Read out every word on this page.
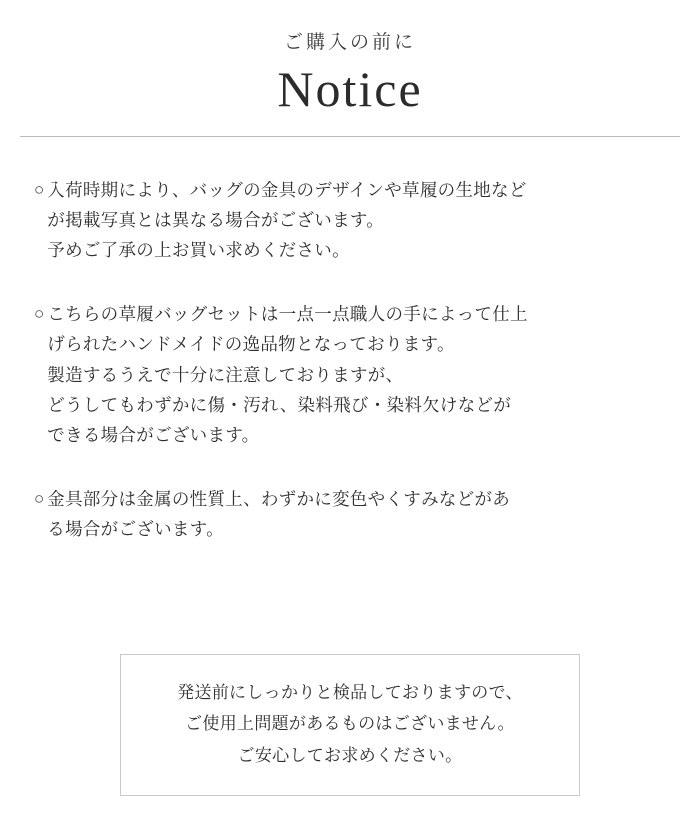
ご購入の前に
Notice
○ 入荷時期により、バッグの金具のデザインや草履の生地など
が掲載写真とは異なる場合がございます。
予めご了承の上お買い求めください。
○ こちらの草履バッグセットは一点一点職人の手によって仕上
げられたハンドメイドの逸品物となっております。
製造するうえで十分に注意しておりますが、
どうしてもわずかに傷・汚れ、染料飛び・染料欠けなどが
できる場合がございます。
○ 金具部分は金属の性質上、わずかに変色やくすみなどがあ
る場合がございます。
発送前にしっかりと検品しておりますので、
ご使用上問題があるものはございません。
ご安心してお求めください。
